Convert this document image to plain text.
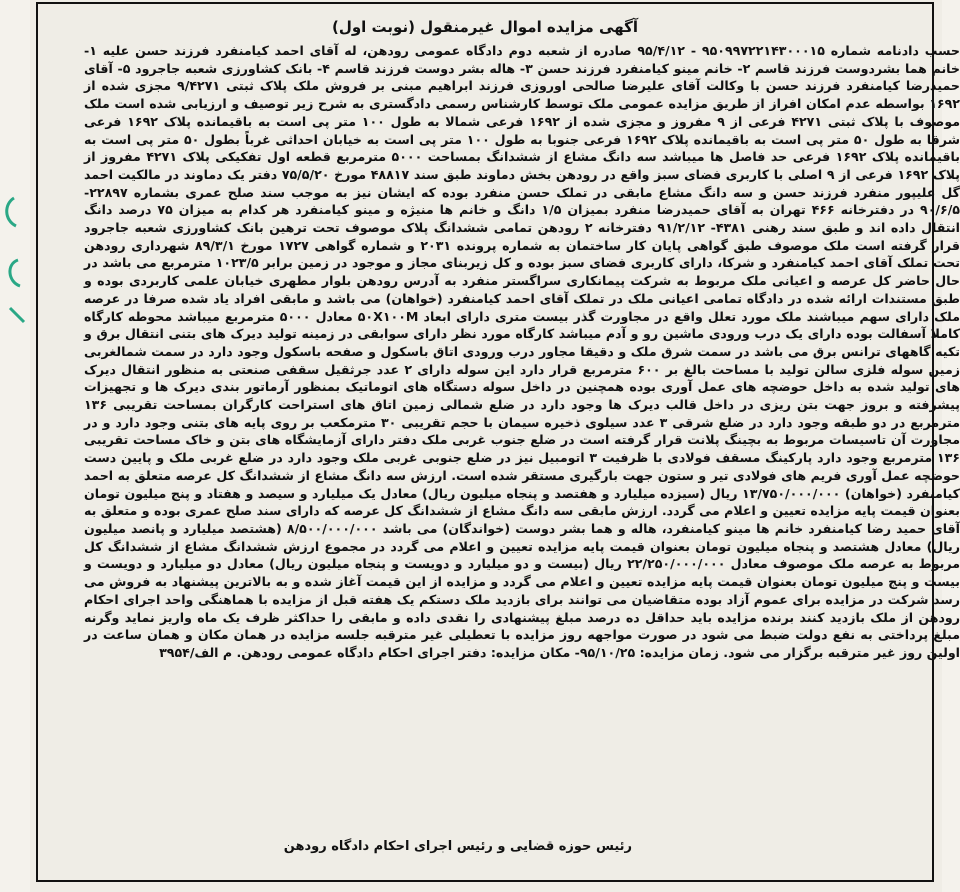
آگهی مزایده اموال غیرمنقول (نوبت اول)

حسب دادنامه شماره ۹۵۰۹۹۷۲۲۱۴۳۰۰۰۱۵ - ۹۵/۴/۱۲ صادره از شعبه دوم دادگاه عمومی رودهن، له آقای احمد کیامنفرد فرزند حسن علیه ۱- خانم هما بشردوست فرزند قاسم ۲- خانم مینو کیامنفرد فرزند حسن ۳- هاله بشر دوست فرزند قاسم ۴- بانک کشاورزی شعبه جاجرود ۵- آقای حمیدرضا کیامنفرد فرزند حسن با وکالت آقای علیرضا صالحی اوروزی فرزند ابراهیم مبنی بر فروش ملک پلاک ثبتی ۹/۴۲۷۱ مجزی شده از ۱۶۹۲ بواسطه عدم امکان افراز از طریق مزایده عمومی ملک توسط کارشناس رسمی دادگستری به شرح زیر توصیف و ارزیابی شده است ملک موصوف با پلاک ثبتی ۴۲۷۱ فرعی از ۹ مفروز و مجزی شده از ۱۶۹۲ فرعی شمالا به طول ۱۰۰ متر پی است به باقیمانده پلاک ۱۶۹۲ فرعی شرقا به طول ۵۰ متر پی است به باقیمانده پلاک ۱۶۹۲ فرعی جنوبا به طول ۱۰۰ متر پی است به خیابان احداثی غرباً بطول ۵۰ متر پی است به باقیمانده پلاک ۱۶۹۲ فرعی حد فاصل ها میباشد سه دانگ مشاع از ششدانگ بمساحت ۵۰۰۰ مترمربع قطعه اول تفکیکی پلاک ۴۲۷۱ مفروز از پلاک ۱۶۹۲ فرعی از ۹ اصلی با کاربری فضای سبز واقع در رودهن بخش دماوند طبق سند ۴۸۸۱۷ مورخ ۷۵/۵/۲۰ دفتر یک دماوند در مالکیت احمد گل علیپور منفرد فرزند حسن و سه دانگ مشاع مابقی در تملک حسن منفرد بوده که ایشان نیز به موجب سند صلح عمری بشماره ۲۲۸۹۷- ۹۰/۶/۵ در دفترخانه ۴۶۶ تهران به آقای حمیدرضا منفرد بمیزان ۱/۵ دانگ و خانم ها منیژه و مینو کیامنفرد هر کدام به میزان ۷۵ درصد دانگ انتقال داده اند و طبق سند رهنی ۴۳۸۱- ۹۱/۲/۱۲ دفترخانه ۲ رودهن تمامی ششدانگ پلاک موصوف تحت ترهین بانک کشاورزی شعبه جاجرود قرار گرفته است ملک موصوف طبق گواهی پایان کار ساختمان به شماره پرونده ۲۰۳۱ و شماره گواهی ۱۷۲۷ مورخ ۸۹/۳/۱ شهرداری رودهن تحت تملک آقای احمد کیامنفرد و شرکا، دارای کاربری فضای سبز بوده و کل زیربنای مجاز و موجود در زمین برابر ۱۰۲۳/۵ مترمربع می باشد در حال حاضر کل عرصه و اعیانی ملک مربوط به شرکت پیمانکاری سراگستر منفرد به آدرس رودهن بلوار مطهری خیابان علمی کاربردی بوده و طبق مستندات ارائه شده در دادگاه تمامی اعیانی ملک در تملک آقای احمد کیامنفرد (خواهان) می باشد و مابقی افراد یاد شده صرفا در عرصه ملک دارای سهم میباشند ملک مورد تعلل واقع در مجاورت گذر بیست متری دارای ابعاد ۵۰X۱۰۰M معادل ۵۰۰۰ مترمربع میباشد محوطه کارگاه کاملا آسفالت بوده دارای یک درب ورودی ماشین رو و آدم میباشد کارگاه مورد نظر دارای سوابقی در زمینه تولید دیرک های بتنی انتقال برق و تکیه گاههای ترانس برق می باشد در سمت شرق ملک و دقیقا مجاور درب ورودی اتاق باسکول و صفحه باسکول وجود دارد در سمت شمالغربی زمین سوله فلزی سالن تولید با مساحت بالغ بر ۶۰۰ مترمربع قرار دارد این سوله دارای ۲ عدد جرثقیل سقفی صنعتی به منظور انتقال دیرک های تولید شده به داخل حوضچه های عمل آوری بوده همچنین در داخل سوله دستگاه های اتوماتیک بمنظور آرماتور بندی دیرک ها و تجهیزات پیشرفته و بروز جهت بتن ریزی در داخل قالب دیرک ها وجود دارد در ضلع شمالی زمین اتاق های استراحت کارگران بمساحت تقریبی ۱۳۶ مترمربع در دو طبقه وجود دارد در ضلع شرقی ۳ عدد سیلوی ذخیره سیمان با حجم تقریبی ۳۰ مترمکعب بر روی پایه های بتنی وجود دارد و در مجاورت آن تاسیسات مربوط به بچینگ پلانت قرار گرفته است در ضلع جنوب غربی ملک دفتر دارای آزمایشگاه های بتن و خاک مساحت تقریبی ۱۳۶ مترمربع وجود دارد پارکینگ مسقف فولادی با ظرفیت ۳ اتومبیل نیز در ضلع جنوبی غربی ملک وجود دارد در ضلع غربی ملک و پایین دست حوضچه عمل آوری فریم های فولادی تیر و ستون جهت بارگیری مستقر شده است. ارزش سه دانگ مشاع از ششدانگ کل عرصه متعلق به احمد کیامنفرد (خواهان) ۱۳/۷۵۰/۰۰۰/۰۰۰ ریال (سیزده میلیارد و هفتصد و پنجاه میلیون ریال) معادل یک میلیارد و سیصد و هفتاد و پنج میلیون تومان بعنوان قیمت پایه مزایده تعیین و اعلام می گردد. ارزش مابقی سه دانگ مشاع از ششدانگ کل عرصه که دارای سند صلح عمری بوده و متعلق به آقای حمید رضا کیامنفرد خانم ها مینو کیامنفرد، هاله و هما بشر دوست (خواندگان) می باشد ۸/۵۰۰/۰۰۰/۰۰۰ (هشتصد میلیارد و پانصد میلیون ریال) معادل هشتصد و پنجاه میلیون تومان بعنوان قیمت پایه مزایده تعیین و اعلام می گردد در مجموع ارزش ششدانگ مشاع از ششدانگ کل مربوط به عرصه ملک موصوف معادل ۲۲/۲۵۰/۰۰۰/۰۰۰ ریال (بیست و دو میلیارد و دویست و پنجاه میلیون ریال) معادل دو میلیارد و دویست و بیست و پنج میلیون تومان بعنوان قیمت پایه مزایده تعیین و اعلام می گردد و مزایده از این قیمت آغاز شده و به بالاترین پیشنهاد به فروش می رسد شرکت در مزایده برای عموم آزاد بوده متقاضیان می توانند برای بازدید ملک دستکم یک هفته قبل از مزایده با هماهنگی واحد اجرای احکام رودهن از ملک بازدید کنند برنده مزایده باید حداقل ده درصد مبلغ پیشنهادی را نقدی داده و مابقی را حداکثر ظرف یک ماه واریز نماید وگرنه مبلغ پرداختی به نفع دولت ضبط می شود در صورت مواجهه روز مزایده با تعطیلی غیر مترقبه جلسه مزایده در همان مکان و همان ساعت در اولین روز غیر مترقبه برگزار می شود. زمان مزایده: ۹۵/۱۰/۲۵- مکان مزایده: دفتر اجرای احکام دادگاه عمومی رودهن. م الف/۳۹۵۴

رئیس حوزه قضایی و رئیس اجرای احکام دادگاه رودهن
